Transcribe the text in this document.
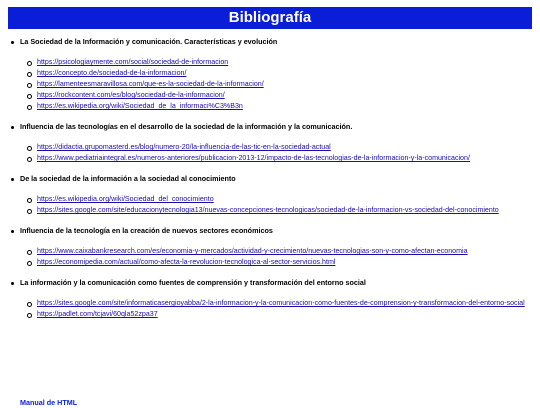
Bibliografía
La Sociedad de la Información y comunicación. Características y evolución
https://psicologiaymente.com/social/sociedad-de-informacion
https://concepto.de/sociedad-de-la-informacion/
https://lamenteesmaravillosa.com/que-es-la-sociedad-de-la-informacion/
https://rockcontent.com/es/blog/sociedad-de-la-informacion/
https://es.wikipedia.org/wiki/Sociedad_de_la_informaci%C3%B3n
Influencia de las tecnologías en el desarrollo de la sociedad de la información y la comunicación.
https://didactia.grupomasterd.es/blog/numero-20/la-influencia-de-las-tic-en-la-sociedad-actual
https://www.pediatriaintegral.es/numeros-anteriores/publicacion-2013-12/impacto-de-las-tecnologias-de-la-informacion-y-la-comunicacion/
De la sociedad de la información a la sociedad al conocimiento
https://es.wikipedia.org/wiki/Sociedad_del_conocimiento
https://sites.google.com/site/educacionytecnologia13/nuevas-concepciones-tecnologicas/sociedad-de-la-informacion-vs-sociedad-del-conocimiento
Influencia de la tecnología en la creación de nuevos sectores económicos
https://www.caixabankresearch.com/es/economia-y-mercados/actividad-y-crecimiento/nuevas-tecnologias-son-y-como-afectan-economia
https://economipedia.com/actual/como-afecta-la-revolucion-tecnologica-al-sector-servicios.html
La información y la comunicación como fuentes de comprensión y transformación del entorno social
https://sites.google.com/site/informaticasergioyabba/2-la-informacion-y-la-comunicacion-como-fuentes-de-comprension-y-transformacion-del-entorno-social
https://padlet.com/tcjavi/60qla52zpa37
Manual de HTML
